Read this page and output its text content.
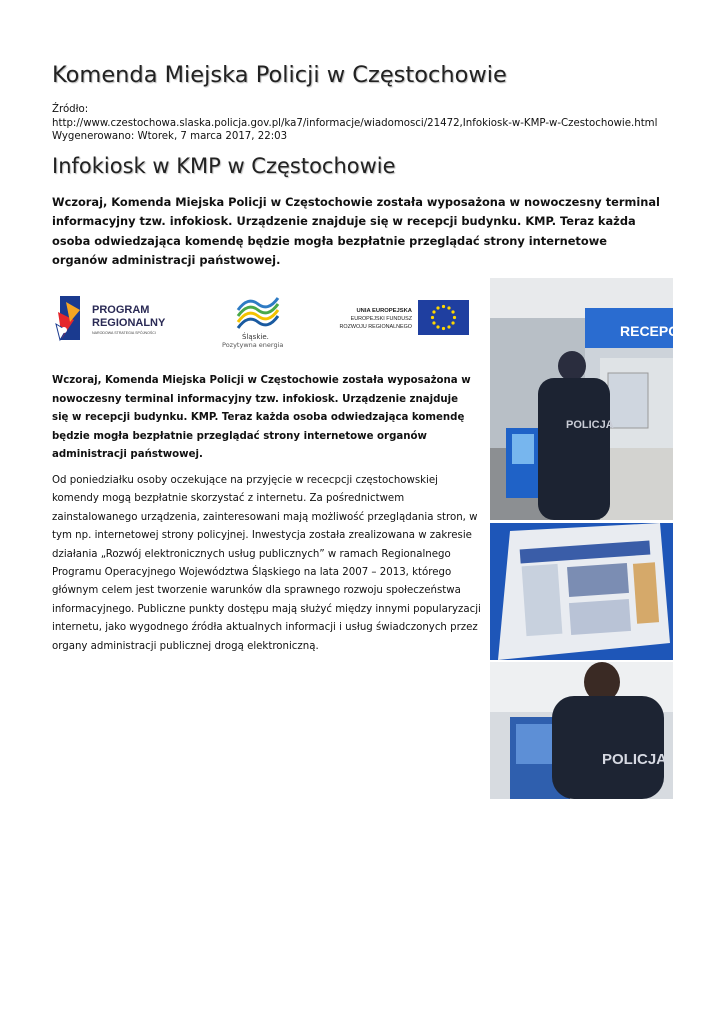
Komenda Miejska Policji w Częstochowie
Źródło:
http://www.czestochowa.slaska.policja.gov.pl/ka7/informacje/wiadomosci/21472,Infokiosk-w-KMP-w-Czestochowie.html
Wygenerowano: Wtorek, 7 marca 2017, 22:03
Infokiosk w KMP w Częstochowie

Wczoraj, Komenda Miejska Policji w Częstochowie została wyposażona w nowoczesny terminal informacyjny tzw. infokiosk. Urządzenie znajduje się w recepcji budynku. KMP. Teraz każda osoba odwiedzająca komendę będzie mogła bezpłatnie przeglądać strony internetowe organów administracji państwowej.

PROGRAM
REGIONALNY
NARODOWA STRATEGIA SPÓJNOŚCI	Śląskie.
Pozytywna energia
UNIA EUROPEJSKA
EUROPEJSKI FUNDUSZ
ROZWOJU REGIONALNEGO

Wczoraj, Komenda Miejska Policji w Częstochowie została wyposażona w nowoczesny terminal informacyjny tzw. infokiosk. Urządzenie znajduje się w recepcji budynku. KMP. Teraz każda osoba odwiedzająca komendę będzie mogła bezpłatnie przeglądać strony internetowe organów administracji państwowej.

Od poniedziałku osoby oczekujące na przyjęcie w rececpcji częstochowskiej komendy mogą bezpłatnie skorzystać z internetu. Za pośrednictwem zainstalowanego urządzenia, zainteresowani mają możliwość przeglądania stron, w tym np. internetowej strony policyjnej. Inwestycja została zrealizowana w zakresie działania „Rozwój elektronicznych usług publicznych” w ramach Regionalnego Programu Operacyjnego Województwa Śląskiego na lata 2007 – 2013, którego głównym celem jest tworzenie warunków dla sprawnego rozwoju społeczeństwa informacyjnego. Publiczne punkty dostępu mają służyć między innymi popularyzacji internetu, jako wygodnego źródła aktualnych informacji i usług świadczonych przez organy administracji publicznej drogą elektroniczną.

RECEPCJA
POLICJA
POLICJA
